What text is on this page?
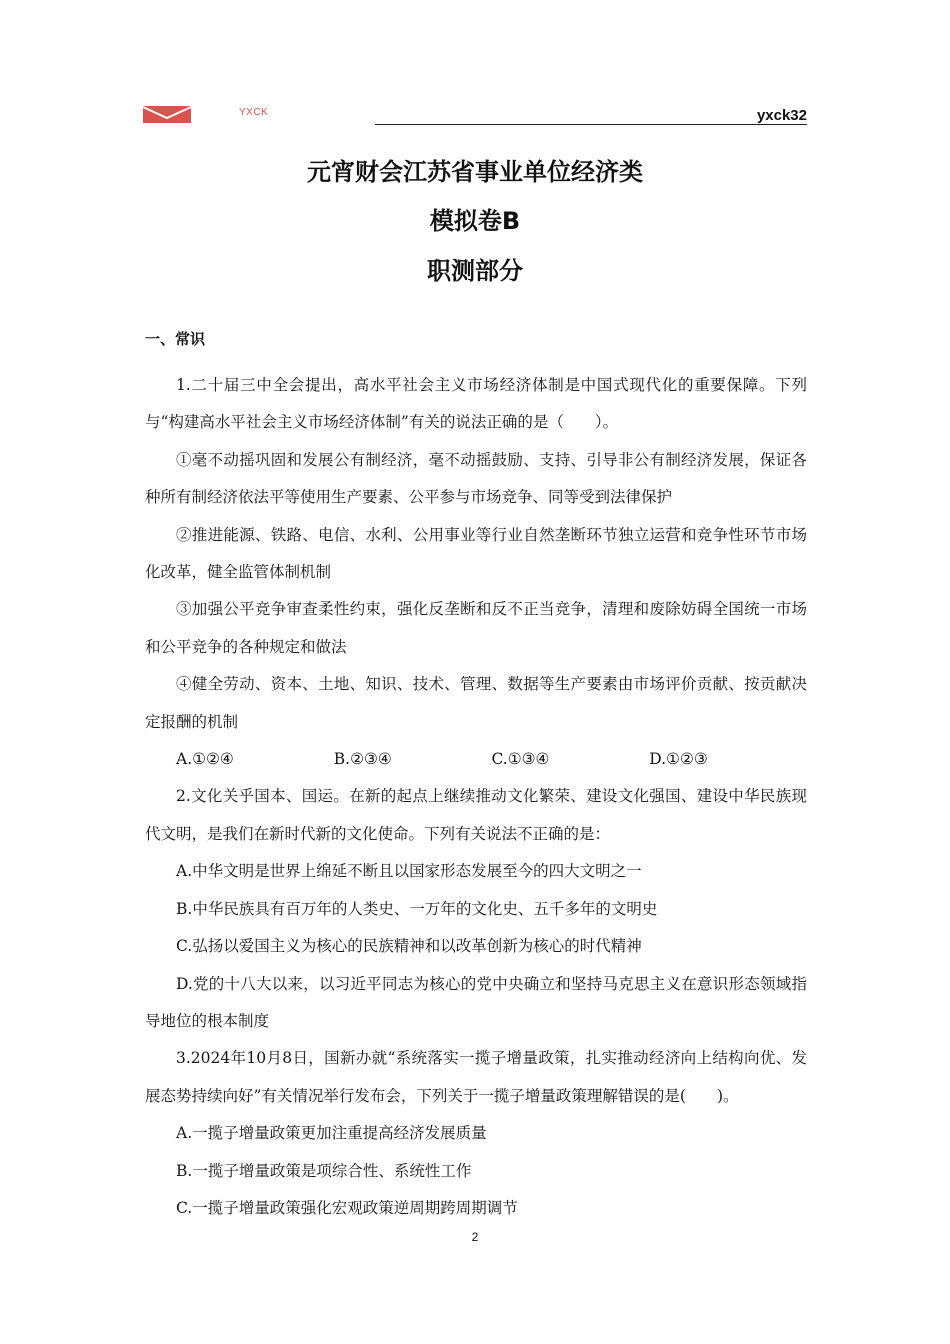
YXCK	yxck32
元宵财会江苏省事业单位经济类
模拟卷B
职测部分
一、常识

1.二十届三中全会提出，高水平社会主义市场经济体制是中国式现代化的重要保障。下列与“构建高水平社会主义市场经济体制”有关的说法正确的是（　　）。

①毫不动摇巩固和发展公有制经济，毫不动摇鼓励、支持、引导非公有制经济发展，保证各种所有制经济依法平等使用生产要素、公平参与市场竞争、同等受到法律保护

②推进能源、铁路、电信、水利、公用事业等行业自然垄断环节独立运营和竞争性环节市场化改革，健全监管体制机制

③加强公平竞争审查柔性约束，强化反垄断和反不正当竞争，清理和废除妨碍全国统一市场和公平竞争的各种规定和做法

④健全劳动、资本、土地、知识、技术、管理、数据等生产要素由市场评价贡献、按贡献决定报酬的机制

A.①②④	B.②③④	C.①③④	D.①②③

2.文化关乎国本、国运。在新的起点上继续推动文化繁荣、建设文化强国、建设中华民族现代文明，是我们在新时代新的文化使命。下列有关说法不正确的是：

A.中华文明是世界上绵延不断且以国家形态发展至今的四大文明之一

B.中华民族具有百万年的人类史、一万年的文化史、五千多年的文明史

C.弘扬以爱国主义为核心的民族精神和以改革创新为核心的时代精神

D.党的十八大以来，以习近平同志为核心的党中央确立和坚持马克思主义在意识形态领域指导地位的根本制度

3.2024年10月8日，国新办就“系统落实一揽子增量政策，扎实推动经济向上结构向优、发展态势持续向好”有关情况举行发布会，下列关于一揽子增量政策理解错误的是(　　)。

A.一揽子增量政策更加注重提高经济发展质量

B.一揽子增量政策是项综合性、系统性工作

C.一揽子增量政策强化宏观政策逆周期跨周期调节

2
